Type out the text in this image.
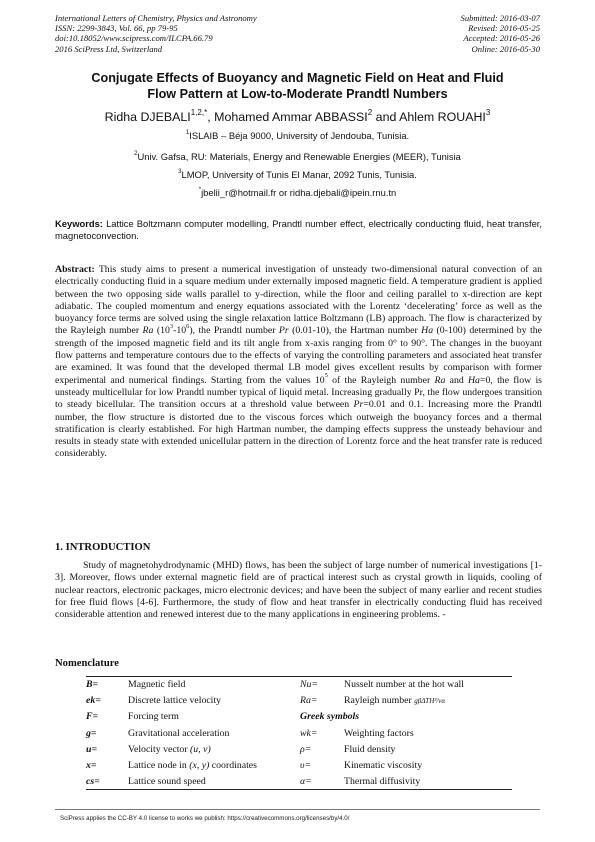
International Letters of Chemistry, Physics and Astronomy
ISSN: 2299-3843, Vol. 66, pp 79-95
doi:10.18052/www.scipress.com/ILCPA.66.79
2016 SciPress Ltd, Switzerland
Submitted: 2016-03-07
Revised: 2016-05-25
Accepted: 2016-05-26
Online: 2016-05-30
Conjugate Effects of Buoyancy and Magnetic Field on Heat and Fluid
Flow Pattern at Low-to-Moderate Prandtl Numbers
Ridha $DJEBALI^{1,2,*}$, Mohamed Ammar ABBASSI$^2$ and Ahlem ROUAHI$^3$
$^1$ISLAIB – Béja 9000, University of Jendouba, Tunisia.
$^2$Univ. Gafsa, RU: Materials, Energy and Renewable Energies (MEER), Tunisia
$^3$LMOP, University of Tunis El Manar, 2092 Tunis, Tunisia.
*jbelii_r@hotmail.fr or ridha.djebali@ipein.rnu.tn
Keywords: Lattice Boltzmann computer modelling, Prandtl number effect, electrically conducting fluid, heat transfer, magnetoconvection.
Abstract: This study aims to present a numerical investigation of unsteady two-dimensional natural convection of an electrically conducting fluid in a square medium under externally imposed magnetic field. A temperature gradient is applied between the two opposing side walls parallel to y-direction, while the floor and ceiling parallel to x-direction are kept adiabatic. The coupled momentum and energy equations associated with the Lorentz ‘decelerating’ force as well as the buoyancy force terms are solved using the single relaxation lattice Boltzmann (LB) approach. The flow is characterized by the Rayleigh number Ra $(10^3-10^6)$, the Prandtl number Pr (0.01-10), the Hartman number Ha (0-100) determined by the strength of the imposed magnetic field and its tilt angle from x-axis ranging from 0° to 90°. The changes in the buoyant flow patterns and temperature contours due to the effects of varying the controlling parameters and associated heat transfer are examined. It was found that the developed thermal LB model gives excellent results by comparison with former experimental and numerical findings. Starting from the values $10^5$ of the Rayleigh number Ra and Ha=0, the flow is unsteady multicellular for low Prandtl number typical of liquid metal. Increasing gradually Pr, the flow undergoes transition to steady bicellular. The transition occurs at a threshold value between Pr=0.01 and 0.1. Increasing more the Prandtl number, the flow structure is distorted due to the viscous forces which outweigh the buoyancy forces and a thermal stratification is clearly established. For high Hartman number, the damping effects suppress the unsteady behaviour and results in steady state with extended unicellular pattern in the direction of Lorentz force and the heat transfer rate is reduced considerably.
1. INTRODUCTION
Study of magnetohydrodynamic (MHD) flows, has been the subject of large number of numerical investigations [1-3]. Moreover, flows under external magnetic field are of practical interest such as crystal growth in liquids, cooling of nuclear reactors, electronic packages, micro electronic devices; and have been the subject of many earlier and recent studies for free fluid flows [4-6]. Furthermore, the study of flow and heat transfer in electrically conducting fluid has received considerable attention and renewed interest due to the many applications in engineering problems. -
Nomenclature
B=	Magnetic field	Nu=	Nusselt number at the hot wall
ek=	Discrete lattice velocity	Ra=	Rayleigh number gβΔTH³/να
F=	Forcing term	Greek symbols	
g=	Gravitational acceleration	wk=	Weighting factors
u=	Velocity vector (u, v)	ρ=	Fluid density
x=	Lattice node in (x, y) coordinates	υ=	Kinematic viscosity
cs=	Lattice sound speed	α=	Thermal diffusivity
SciPress applies the CC-BY 4.0 license to works we publish: https://creativecommons.org/licenses/by/4.0/
